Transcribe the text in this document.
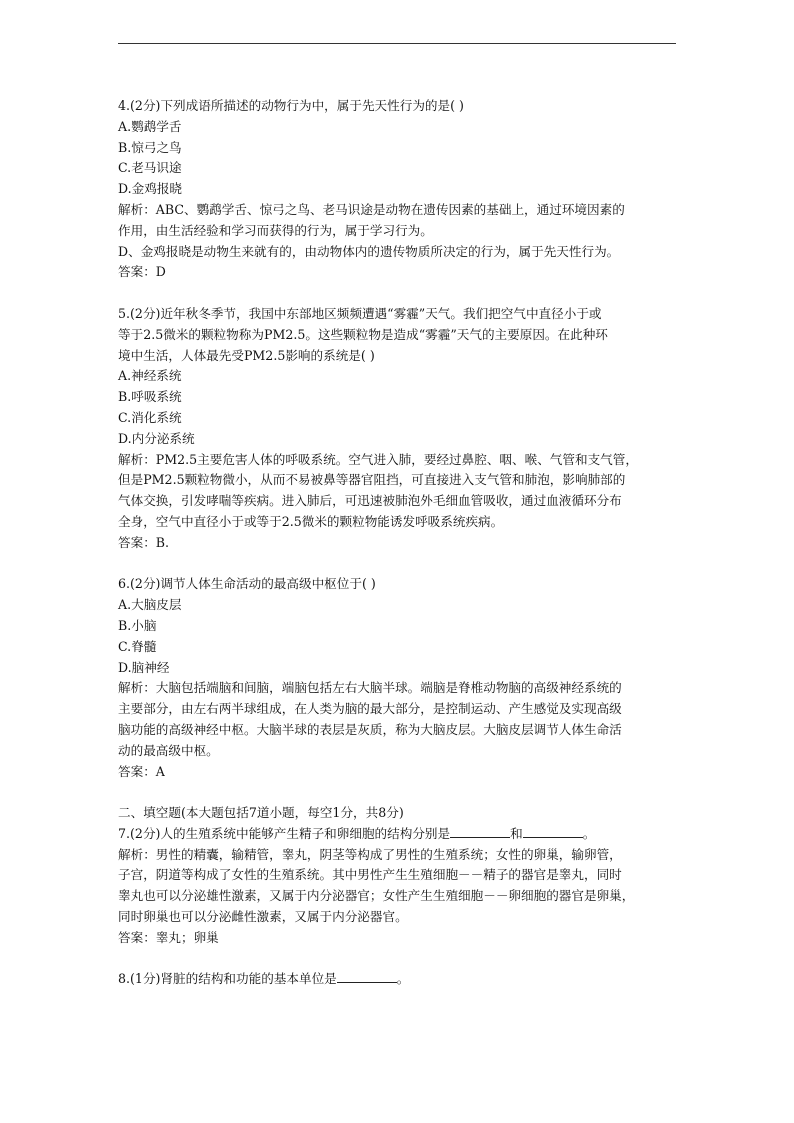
4.(2分)下列成语所描述的动物行为中，属于先天性行为的是( )
A.鹦鹉学舌
B.惊弓之鸟
C.老马识途
D.金鸡报晓
解析：ABC、鹦鹉学舌、惊弓之鸟、老马识途是动物在遗传因素的基础上，通过环境因素的
作用，由生活经验和学习而获得的行为，属于学习行为。
D、金鸡报晓是动物生来就有的，由动物体内的遗传物质所决定的行为，属于先天性行为。
答案：D
5.(2分)近年秋冬季节，我国中东部地区频频遭遇“雾霾”天气。我们把空气中直径小于或
等于2.5微米的颗粒物称为PM2.5。这些颗粒物是造成“雾霾”天气的主要原因。在此种环
境中生活，人体最先受PM2.5影响的系统是( )
A.神经系统
B.呼吸系统
C.消化系统
D.内分泌系统
解析：PM2.5主要危害人体的呼吸系统。空气进入肺，要经过鼻腔、咽、喉、气管和支气管，
但是PM2.5颗粒物微小，从而不易被鼻等器官阻挡，可直接进入支气管和肺泡，影响肺部的
气体交换，引发哮喘等疾病。进入肺后，可迅速被肺泡外毛细血管吸收，通过血液循环分布
全身，空气中直径小于或等于2.5微米的颗粒物能诱发呼吸系统疾病。
答案：B.
6.(2分)调节人体生命活动的最高级中枢位于( )
A.大脑皮层
B.小脑
C.脊髓
D.脑神经
解析：大脑包括端脑和间脑，端脑包括左右大脑半球。端脑是脊椎动物脑的高级神经系统的
主要部分，由左右两半球组成，在人类为脑的最大部分，是控制运动、产生感觉及实现高级
脑功能的高级神经中枢。大脑半球的表层是灰质，称为大脑皮层。大脑皮层调节人体生命活
动的最高级中枢。
答案：A
二、填空题(本大题包括7道小题，每空1分，共8分)
7.(2分)人的生殖系统中能够产生精子和卵细胞的结构分别是	和	。
解析：男性的精囊，输精管，睾丸，阴茎等构成了男性的生殖系统；女性的卵巢，输卵管，
子宫，阴道等构成了女性的生殖系统。其中男性产生生殖细胞－－精子的器官是睾丸，同时
睾丸也可以分泌雄性激素，又属于内分泌器官；女性产生生殖细胞－－卵细胞的器官是卵巢，
同时卵巢也可以分泌雌性激素，又属于内分泌器官。
答案：睾丸；卵巢
8.(1分)肾脏的结构和功能的基本单位是	。
